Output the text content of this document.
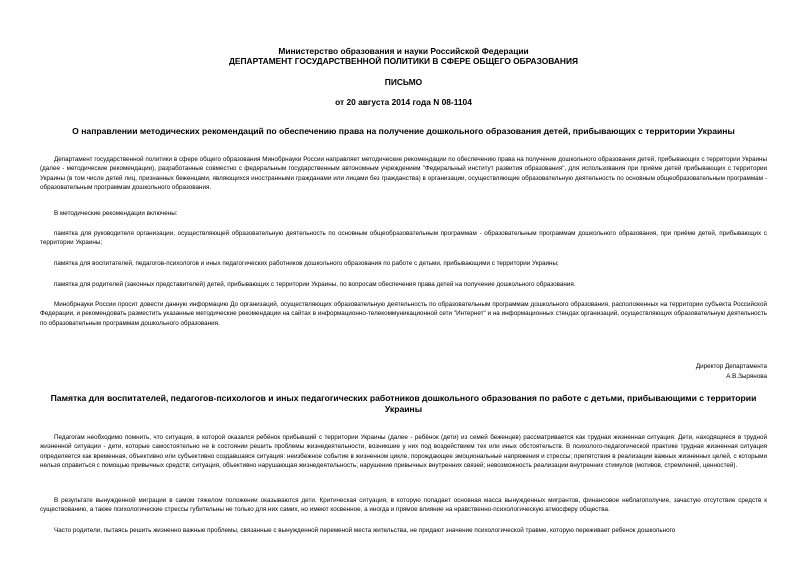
Министерство образования и науки Российской Федерации
ДЕПАРТАМЕНТ ГОСУДАРСТВЕННОЙ ПОЛИТИКИ В СФЕРЕ ОБЩЕГО ОБРАЗОВАНИЯ
ПИСЬМО
от 20 августа 2014 года N 08-1104
О направлении методических рекомендаций по обеспечению права на получение дошкольного образования детей, прибывающих с территории Украины
Департамент государственной политики в сфере общего образования Минобрнауки России направляет методические рекомендации по обеспечению права на получение дошкольного образования детей, прибывающих с территории Украины (далее - методические рекомендации), разработанные совместно с федеральным государственным автономным учреждением "Федеральный институт развития образования", для использования при приёме детей прибывающих с территории Украины (в том числе детей лиц, признанных беженцами, являющихся иностранными гражданами или лицами без гражданства) в организации, осуществляющие образовательную деятельность по основным общеобразовательным программам - образовательным программам дошкольного образования.
В методические рекомендации включены:
памятка для руководителя организации, осуществляющей образовательную деятельность по основным общеобразовательным программам - образовательным программам дошкольного образования, при приёме детей, прибывающих с территории Украины;
памятка для воспитателей, педагогов-психологов и иных педагогических работников дошкольного образования по работе с детьми, прибывающими с территории Украины;
памятка для родителей (законных представителей) детей, прибывающих с территории Украины, по вопросам обеспечения права детей на получение дошкольного образования.
Минобрнауки России просит довести данную информацию До организаций, осуществляющих образовательную деятельность по образовательным программам дошкольного образования, расположенных на территории субъекта Российской Федерации, и рекомендовать разместить указанные методические рекомендации на сайтах в информационно-телекоммуникационной сети "Интернет" и на информационных стендах организаций, осуществляющих образовательную деятельность по образовательным программам дошкольного образования.
Директор Департамента
А.В.Зырянова
Памятка для воспитателей, педагогов-психологов и иных педагогических работников дошкольного образования по работе с детьми, прибывающими с территории Украины
Педагогам необходимо помнить, что ситуация, в которой оказался ребёнок прибывший с территории Украины (далее - ребёнок (дети) из семей беженцев) рассматривается как трудная жизненная ситуация. Дети, находящиеся в трудной жизненной ситуации - дети, которые самостоятельно не в состоянии решить проблемы жизнедеятельности, возникшие у них под воздействием тех или иных обстоятельств. В психолого-педагогической практике трудная жизненная ситуация определяется как временная, объективно или субъективно создавшаяся ситуация: неизбежное событие в жизненном цикле, порождающее эмоциональные напряжения и стрессы; препятствия в реализации важных жизненных целей, с которыми нельзя справиться с помощью привычных средств; ситуация, объективно нарушающая жизнедеятельность; нарушение привычных внутренних связей; невозможность реализации внутренних стимулов (мотивов, стремлений, ценностей).
В результате вынужденной миграции в самом тяжелом положении оказываются дети. Критическая ситуация, в которую попадает основная масса вынужденных мигрантов, финансовое неблагополучие, зачастую отсутствие средств к существованию, а также психологические стрессы губительны не только для них самих, но имеют косвенное, а иногда и прямое влияние на нравственно-психологическую атмосферу общества.
Часто родители, пытаясь решить жизненно важные проблемы, связанные с вынужденной переменой места жительства, не придают значение психологической травме, которую переживает ребенок дошкольного
